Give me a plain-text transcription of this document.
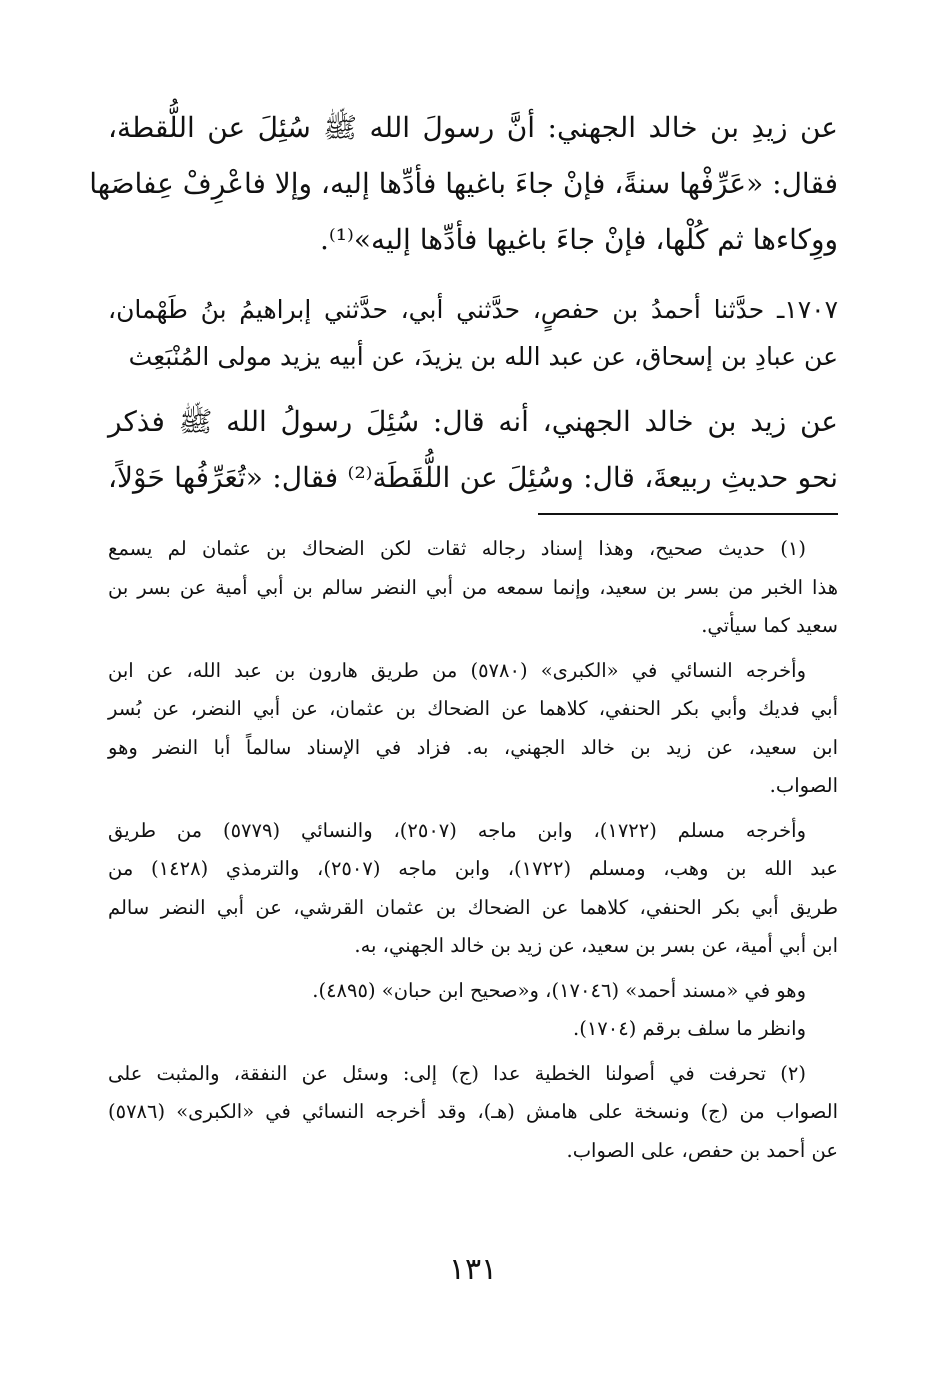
عن زيدِ بن خالد الجهني: أنَّ رسولَ الله ﷺ سُئِلَ عن اللُّقطة،
فقال: «عَرِّفْها سنةً، فإنْ جاءَ باغيها فأدِّها إليه، وإلا فاعْرِفْ عِفاصَها
ووِكاءها ثم كُلْها، فإنْ جاءَ باغيها فأدِّها إليه»⁽¹⁾.

١٧٠٧ـ حدَّثنا أحمدُ بن حفصٍ، حدَّثني أبي، حدَّثني إبراهيمُ بنُ طَهْمان،
عن عبادِ بن إسحاق، عن عبد الله بن يزيدَ، عن أبيه يزيد مولى المُنْبَعِث

عن زيد بن خالد الجهني، أنه قال: سُئِلَ رسولُ الله ﷺ فذكر
نحو حديثِ ربيعةَ، قال: وسُئِلَ عن اللُّقَطَة⁽²⁾ فقال: «تُعَرِّفُها حَوْلاً،

(١) حديث صحيح، وهذا إسناد رجاله ثقات لكن الضحاك بن عثمان لم يسمع
هذا الخبر من بسر بن سعيد، وإنما سمعه من أبي النضر سالم بن أبي أمية عن بسر بن
سعيد كما سيأتي.

وأخرجه النسائي في «الكبرى» (٥٧٨٠) من طريق هارون بن عبد الله، عن ابن
أبي فديك وأبي بكر الحنفي، كلاهما عن الضحاك بن عثمان، عن أبي النضر، عن بُسر
ابن سعيد، عن زيد بن خالد الجهني، به. فزاد في الإسناد سالماً أبا النضر وهو
الصواب.

وأخرجه مسلم (١٧٢٢)، وابن ماجه (٢٥٠٧)، والنسائي (٥٧٧٩) من طريق
عبد الله بن وهب، ومسلم (١٧٢٢)، وابن ماجه (٢٥٠٧)، والترمذي (١٤٢٨) من
طريق أبي بكر الحنفي، كلاهما عن الضحاك بن عثمان القرشي، عن أبي النضر سالم
ابن أبي أمية، عن بسر بن سعيد، عن زيد بن خالد الجهني، به.

وهو في «مسند أحمد» (١٧٠٤٦)، و«صحيح ابن حبان» (٤٨٩٥).

وانظر ما سلف برقم (١٧٠٤).

(٢) تحرفت في أصولنا الخطية عدا (ج) إلى: وسئل عن النفقة، والمثبت على
الصواب من (ج) ونسخة على هامش (هـ)، وقد أخرجه النسائي في «الكبرى» (٥٧٨٦)
عن أحمد بن حفص، على الصواب.

١٣١
